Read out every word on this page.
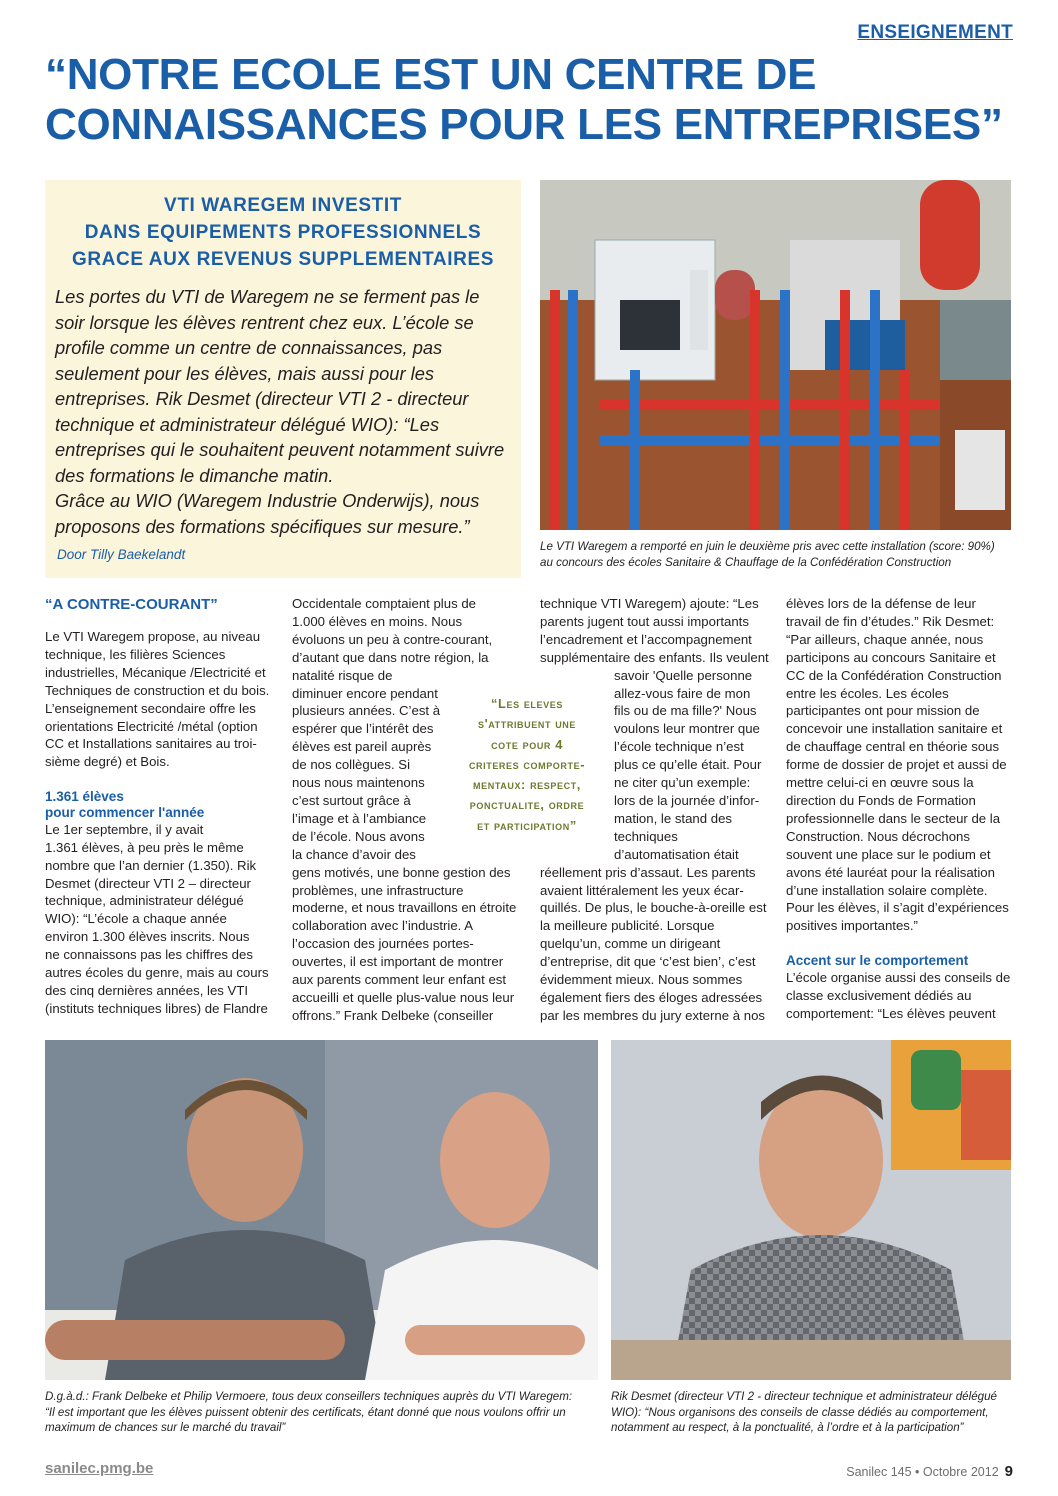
ENSEIGNEMENT
“NOTRE ECOLE EST UN CENTRE DE
CONNAISSANCES POUR LES ENTREPRISES”
VTI WAREGEM INVESTIT
DANS EQUIPEMENTS PROFESSIONNELS
GRACE AUX REVENUS SUPPLEMENTAIRES

Les portes du VTI de Waregem ne se ferment pas le

soir lorsque les élèves rentrent chez eux. L’école se

profile comme un centre de connaissances, pas

seulement pour les élèves, mais aussi pour les

entreprises. Rik Desmet (directeur VTI 2 - directeur

technique et administrateur délégué WIO): “Les

entreprises qui le souhaitent peuvent notamment suivre

des formations le dimanche matin.

Grâce au WIO (Waregem Industrie Onderwijs), nous

proposons des formations spécifiques sur mesure.”

Door Tilly Baekelandt
Le VTI Waregem a remporté en juin le deuxième pris avec cette installation (score: 90%)
au concours des écoles Sanitaire & Chauffage de la Confédération Construction
“A CONTRE-COURANT”

Le VTI Waregem propose, au niveau

technique, les filières Sciences

industrielles, Mécanique /Electricité et

Techniques de construction et du bois.

L’enseignement secondaire offre les

orientations Electricité /métal (option

CC et Installations sanitaires au troi-

sième degré) et Bois.

1.361 élèves
pour commencer l'année

Le 1er septembre, il y avait

1.361 élèves, à peu près le même

nombre que l’an dernier (1.350). Rik

Desmet (directeur VTI 2 – directeur

technique, administrateur délégué

WIO): “L’école a chaque année

environ 1.300 élèves inscrits. Nous

ne connaissons pas les chiffres des

autres écoles du genre, mais au cours

des cinq dernières années, les VTI

(instituts techniques libres) de Flandre

Occidentale comptaient plus de

1.000 élèves en moins. Nous

évoluons un peu à contre-courant,

d’autant que dans notre région, la

natalité risque de

diminuer encore pendant

plusieurs années. C’est à

espérer que l’intérêt des

élèves est pareil auprès

de nos collègues. Si

nous nous maintenons

c’est surtout grâce à

l’image et à l’ambiance

de l’école. Nous avons

la chance d’avoir des

gens motivés, une bonne gestion des

problèmes, une infrastructure

moderne, et nous travaillons en étroite

collaboration avec l’industrie. A

l’occasion des journées portes-

ouvertes, il est important de montrer

aux parents comment leur enfant est

accueilli et quelle plus-value nous leur

offrons.” Frank Delbeke (conseiller

“Les eleves
s'attribuent une
cote pour 4
criteres comporte-
mentaux: respect,
ponctualite, ordre
et participation”

technique VTI Waregem) ajoute: “Les

parents jugent tout aussi importants

l’encadrement et l’accompagnement

supplémentaire des enfants. Ils veulent

savoir 'Quelle personne

allez-vous faire de mon

fils ou de ma fille?' Nous

voulons leur montrer que

l’école technique n’est

plus ce qu’elle était. Pour

ne citer qu’un exemple:

lors de la journée d’infor-

mation, le stand des

techniques

d’automatisation était

réellement pris d’assaut. Les parents

avaient littéralement les yeux écar-

quillés. De plus, le bouche-à-oreille est

la meilleure publicité. Lorsque

quelqu’un, comme un dirigeant

d’entreprise, dit que ‘c’est bien’, c’est

évidemment mieux. Nous sommes

également fiers des éloges adressées

par les membres du jury externe à nos

élèves lors de la défense de leur

travail de fin d’études.” Rik Desmet:

“Par ailleurs, chaque année, nous

participons au concours Sanitaire et

CC de la Confédération Construction

entre les écoles. Les écoles

participantes ont pour mission de

concevoir une installation sanitaire et

de chauffage central en théorie sous

forme de dossier de projet et aussi de

mettre celui-ci en œuvre sous la

direction du Fonds de Formation

professionnelle dans le secteur de la

Construction. Nous décrochons

souvent une place sur le podium et

avons été lauréat pour la réalisation

d’une installation solaire complète.

Pour les élèves, il s’agit d’expériences

positives importantes.”

Accent sur le comportement

L’école organise aussi des conseils de

classe exclusivement dédiés au

comportement: “Les élèves peuvent

D.g.à.d.: Frank Delbeke et Philip Vermoere, tous deux conseillers techniques auprès du VTI Waregem:
“Il est important que les élèves puissent obtenir des certificats, étant donné que nous voulons offrir un
maximum de chances sur le marché du travail”
Rik Desmet (directeur VTI 2 - directeur technique et administrateur délégué
WIO): “Nous organisons des conseils de classe dédiés au comportement,
notamment au respect, à la ponctualité, à l’ordre et à la participation”
sanilec.pmg.be	Sanilec 145 • Octobre 2012 9
